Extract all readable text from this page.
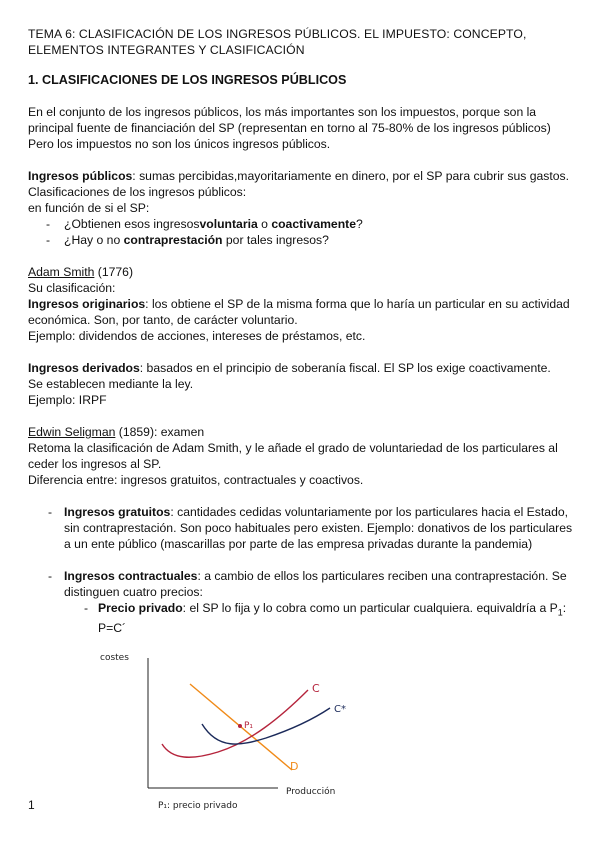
TEMA 6: CLASIFICACIÓN DE LOS INGRESOS PÚBLICOS. EL IMPUESTO: CONCEPTO,
ELEMENTOS INTEGRANTES Y CLASIFICACIÓN
1. CLASIFICACIONES DE LOS INGRESOS PÚBLICOS

En el conjunto de los ingresos públicos, los más importantes son los impuestos, porque son la
principal fuente de financiación del SP (representan en torno al 75-80% de los ingresos públicos)
Pero los impuestos no son los únicos ingresos públicos.

Ingresos públicos: sumas percibidas,mayoritariamente en dinero, por el SP para cubrir sus gastos.
Clasificaciones de los ingresos públicos:
en función de si el SP:

- ¿Obtienen esos ingresosvoluntaria o coactivamente?
- ¿Hay o no contraprestación por tales ingresos?

Adam Smith (1776)
Su clasificación:
Ingresos originarios: los obtiene el SP de la misma forma que lo haría un particular en su actividad
económica. Son, por tanto, de carácter voluntario.
Ejemplo: dividendos de acciones, intereses de préstamos, etc.

Ingresos derivados: basados en el principio de soberanía fiscal. El SP los exige coactivamente.
Se establecen mediante la ley.
Ejemplo: IRPF

Edwin Seligman (1859): examen
Retoma la clasificación de Adam Smith, y le añade el grado de voluntariedad de los particulares al
ceder los ingresos al SP.
Diferencia entre: ingresos gratuitos, contractuales y coactivos.

- Ingresos gratuitos: cantidades cedidas voluntariamente por los particulares hacia el Estado,
sin contraprestación. Son poco habituales pero existen. Ejemplo: donativos de los particulares
a un ente público (mascarillas por parte de las empresa privadas durante la pandemia)
- Ingresos contractuales: a cambio de ellos los particulares reciben una contraprestación. Se
distinguen cuatro precios:
- Precio privado: el SP lo fija y lo cobra como un particular cualquiera. equivaldría a $P_1$:
P=C´
costes
Producción
P₁
C
C*
D
P₁: precio privado
1
